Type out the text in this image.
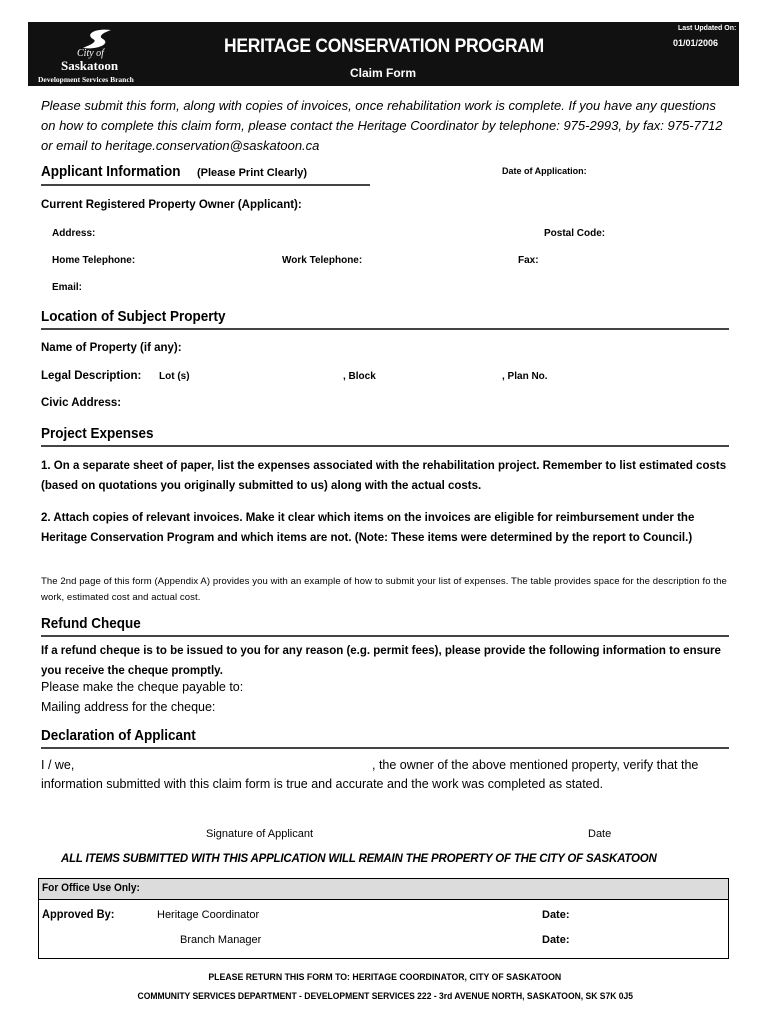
City of
Saskatoon
Development Services Branch
HERITAGE CONSERVATION PROGRAM
Claim Form
Last Updated On:
01/01/2006
Please submit this form, along with copies of invoices, once rehabilitation work is complete. If you have any questions on how to complete this claim form, please contact the Heritage Coordinator by telephone: 975-2993, by fax: 975-7712 or email to heritage.conservation@saskatoon.ca
Applicant Information	(Please Print Clearly)	Date of Application:
Current Registered Property Owner (Applicant):
Address:	Postal Code:
Home Telephone:	Work Telephone:	Fax:
Email:
Location of Subject Property
Name of Property (if any):
Legal Description: Lot (s)	, Block	, Plan No.
Civic Address:
Project Expenses
1. On a separate sheet of paper, list the expenses associated with the rehabilitation project. Remember to list estimated costs (based on quotations you originally submitted to us) along with the actual costs.
2. Attach copies of relevant invoices. Make it clear which items on the invoices are eligible for reimbursement under the Heritage Conservation Program and which items are not. (Note: These items were determined by the report to Council.)
The 2nd page of this form (Appendix A) provides you with an example of how to submit your list of expenses. The table provides space for the description fo the work, estimated cost and actual cost.
Refund Cheque
If a refund cheque is to be issued to you for any reason (e.g. permit fees), please provide the following information to ensure you receive the cheque promptly.
Please make the cheque payable to:
Mailing address for the cheque:
Declaration of Applicant
I / we,	, the owner of the above mentioned property, verify that the
information submitted with this claim form is true and accurate and the work was completed as stated.
Signature of Applicant	Date
ALL ITEMS SUBMITTED WITH THIS APPLICATION WILL REMAIN THE PROPERTY OF THE CITY OF SASKATOON
For Office Use Only:
Approved By:	Heritage Coordinator	Date:
Branch Manager	Date:
PLEASE RETURN THIS FORM TO: HERITAGE COORDINATOR, CITY OF SASKATOON
COMMUNITY SERVICES DEPARTMENT - DEVELOPMENT SERVICES 222 - 3rd AVENUE NORTH, SASKATOON, SK S7K 0J5
